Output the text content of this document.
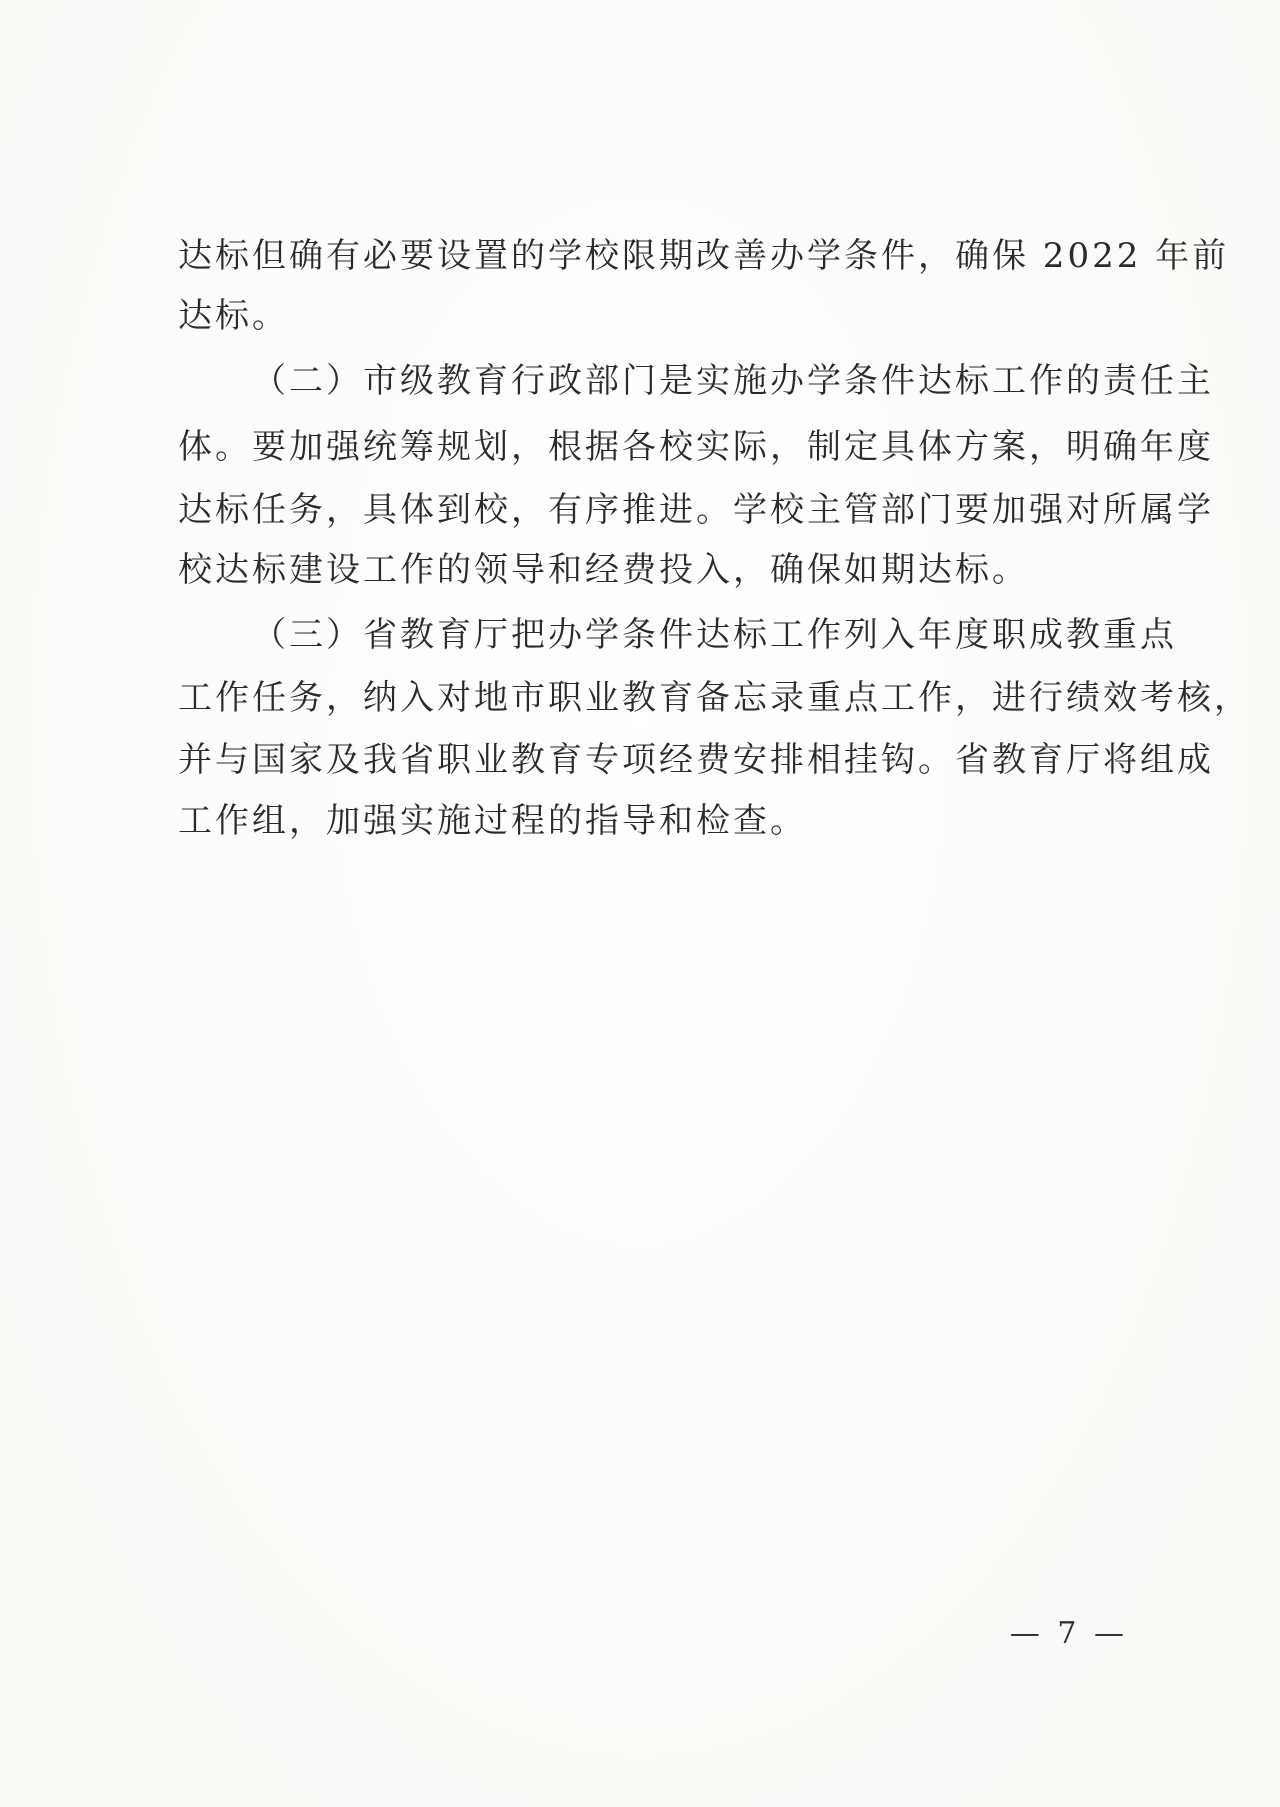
达标但确有必要设置的学校限期改善办学条件，确保 2022 年前
达标。
（二）市级教育行政部门是实施办学条件达标工作的责任主
体。要加强统筹规划，根据各校实际，制定具体方案，明确年度
达标任务，具体到校，有序推进。学校主管部门要加强对所属学
校达标建设工作的领导和经费投入，确保如期达标。
（三）省教育厅把办学条件达标工作列入年度职成教重点
工作任务，纳入对地市职业教育备忘录重点工作，进行绩效考核，
并与国家及我省职业教育专项经费安排相挂钩。省教育厅将组成
工作组，加强实施过程的指导和检查。
— 7 —
